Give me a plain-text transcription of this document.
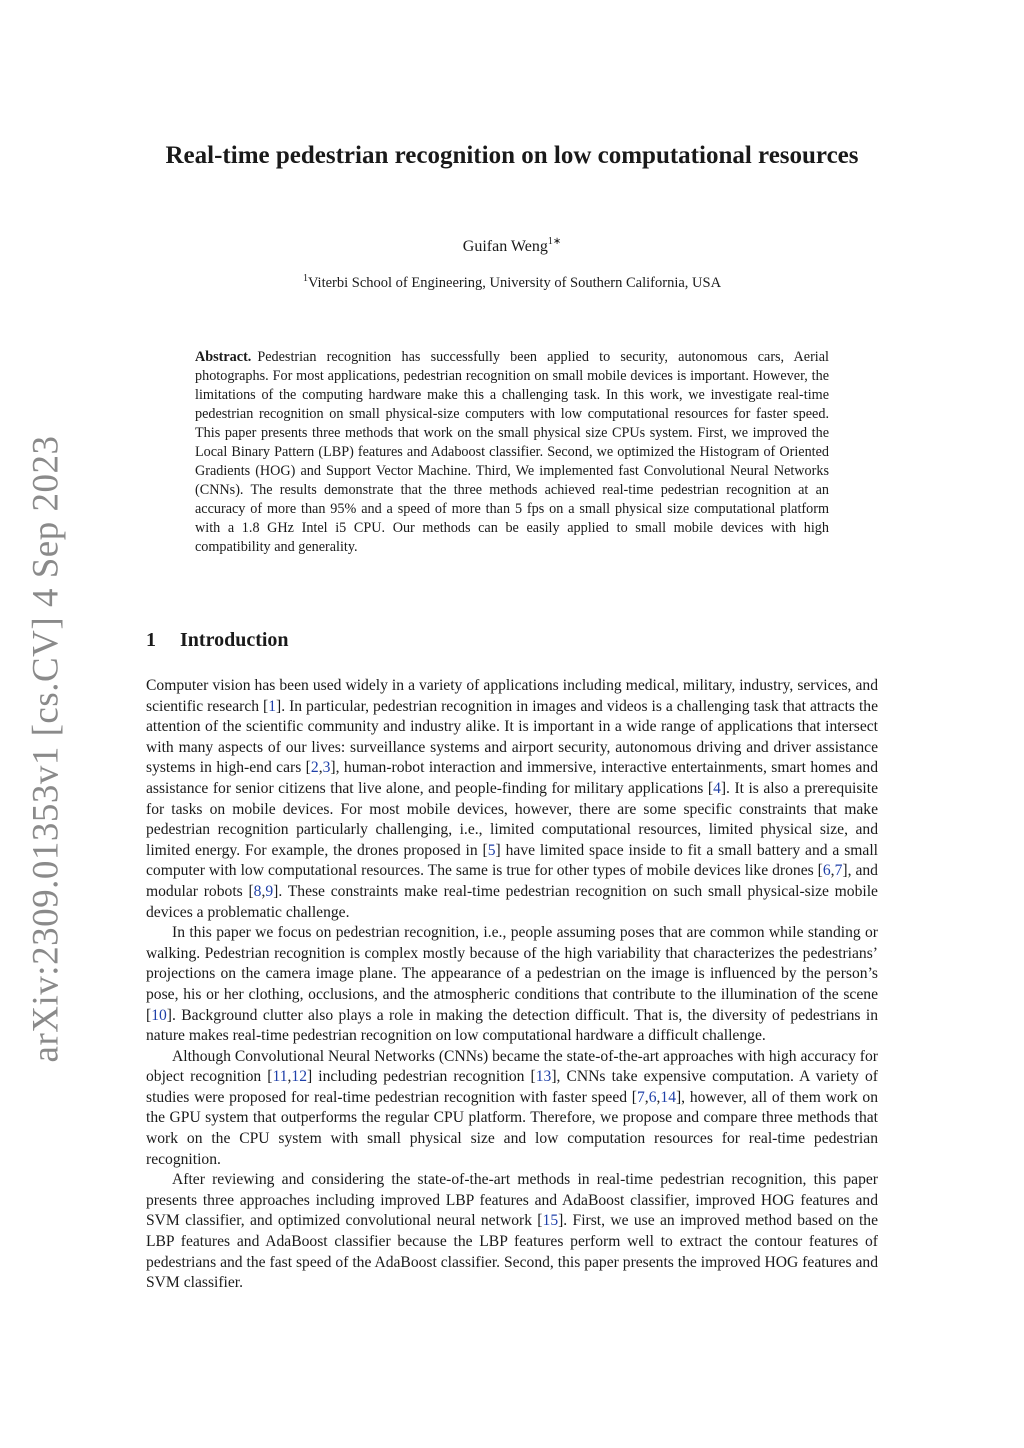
arXiv:2309.01353v1 [cs.CV] 4 Sep 2023
Real-time pedestrian recognition on low computational resources
Guifan Weng$^{1∗}$
$^1$Viterbi School of Engineering, University of Southern California, USA

Abstract. Pedestrian recognition has successfully been applied to security, autonomous cars, Aerial photographs. For most applications, pedestrian recognition on small mobile devices is important. However, the limitations of the computing hardware make this a challenging task. In this work, we investigate real-time pedestrian recognition on small physical-size computers with low computational resources for faster speed. This paper presents three methods that work on the small physical size CPUs system. First, we improved the Local Binary Pattern (LBP) features and Adaboost classifier. Second, we optimized the Histogram of Oriented Gradients (HOG) and Support Vector Machine. Third, We implemented fast Convolutional Neural Networks (CNNs). The results demonstrate that the three methods achieved real-time pedestrian recognition at an accuracy of more than 95% and a speed of more than 5 fps on a small physical size computational platform with a 1.8 GHz Intel i5 CPU. Our methods can be easily applied to small mobile devices with high compatibility and generality.

1 Introduction

Computer vision has been used widely in a variety of applications including medical, military, industry, services, and scientific research [1]. In particular, pedestrian recognition in images and videos is a challenging task that attracts the attention of the scientific community and industry alike. It is important in a wide range of applications that intersect with many aspects of our lives: surveillance systems and airport security, autonomous driving and driver assistance systems in high-end cars [2,3], human-robot interaction and immersive, interactive entertainments, smart homes and assistance for senior citizens that live alone, and people-finding for military applications [4]. It is also a prerequisite for tasks on mobile devices. For most mobile devices, however, there are some specific constraints that make pedestrian recognition particularly challenging, i.e., limited computational resources, limited physical size, and limited energy. For example, the drones proposed in [5] have limited space inside to fit a small battery and a small computer with low computational resources. The same is true for other types of mobile devices like drones [6,7], and modular robots [8,9]. These constraints make real-time pedestrian recognition on such small physical-size mobile devices a problematic challenge.

In this paper we focus on pedestrian recognition, i.e., people assuming poses that are common while standing or walking. Pedestrian recognition is complex mostly because of the high variability that characterizes the pedestrians’ projections on the camera image plane. The appearance of a pedestrian on the image is influenced by the person’s pose, his or her clothing, occlusions, and the atmospheric conditions that contribute to the illumination of the scene [10]. Background clutter also plays a role in making the detection difficult. That is, the diversity of pedestrians in nature makes real-time pedestrian recognition on low computational hardware a difficult challenge.

Although Convolutional Neural Networks (CNNs) became the state-of-the-art approaches with high accuracy for object recognition [11,12] including pedestrian recognition [13], CNNs take expensive computation. A variety of studies were proposed for real-time pedestrian recognition with faster speed [7,6,14], however, all of them work on the GPU system that outperforms the regular CPU platform. Therefore, we propose and compare three methods that work on the CPU system with small physical size and low computation resources for real-time pedestrian recognition.

After reviewing and considering the state-of-the-art methods in real-time pedestrian recognition, this paper presents three approaches including improved LBP features and AdaBoost classifier, improved HOG features and SVM classifier, and optimized convolutional neural network [15]. First, we use an improved method based on the LBP features and AdaBoost classifier because the LBP features perform well to extract the contour features of pedestrians and the fast speed of the AdaBoost classifier. Second, this paper presents the improved HOG features and SVM classifier.
